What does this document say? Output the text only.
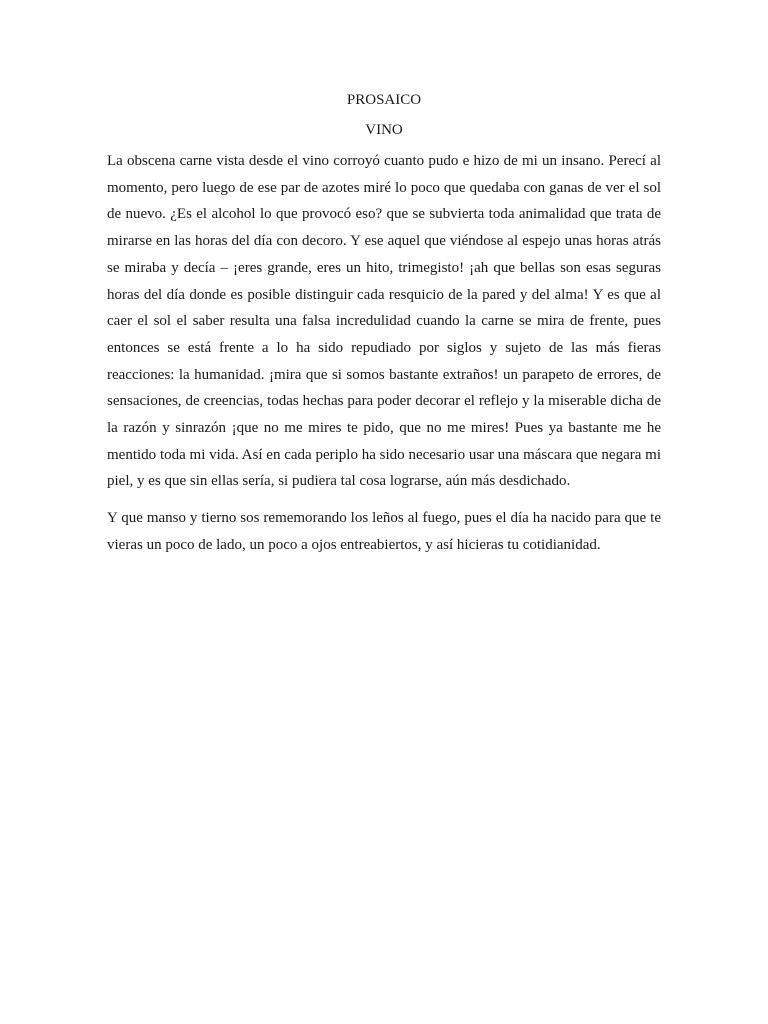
PROSAICO

VINO

La obscena carne vista desde el vino corroyó cuanto pudo e hizo de mi un insano. Perecí al momento, pero luego de ese par de azotes miré lo poco que quedaba con ganas de ver el sol de nuevo. ¿Es el alcohol lo que provocó eso? que se subvierta toda animalidad que trata de mirarse en las horas del día con decoro. Y ese aquel que viéndose al espejo unas horas atrás se miraba y decía – ¡eres grande, eres un hito, trimegisto! ¡ah que bellas son esas seguras horas del día donde es posible distinguir cada resquicio de la pared y del alma! Y es que al caer el sol el saber resulta una falsa incredulidad cuando la carne se mira de frente, pues entonces se está frente a lo ha sido repudiado por siglos y sujeto de las más fieras reacciones: la humanidad. ¡mira que si somos bastante extraños! un parapeto de errores, de sensaciones, de creencias, todas hechas para poder decorar el reflejo y la miserable dicha de la razón y sinrazón ¡que no me mires te pido, que no me mires! Pues ya bastante me he mentido toda mi vida. Así en cada periplo ha sido necesario usar una máscara que negara mi piel, y es que sin ellas sería, si pudiera tal cosa lograrse, aún más desdichado.

Y que manso y tierno sos rememorando los leños al fuego, pues el día ha nacido para que te vieras un poco de lado, un poco a ojos entreabiertos, y así hicieras tu cotidianidad.
